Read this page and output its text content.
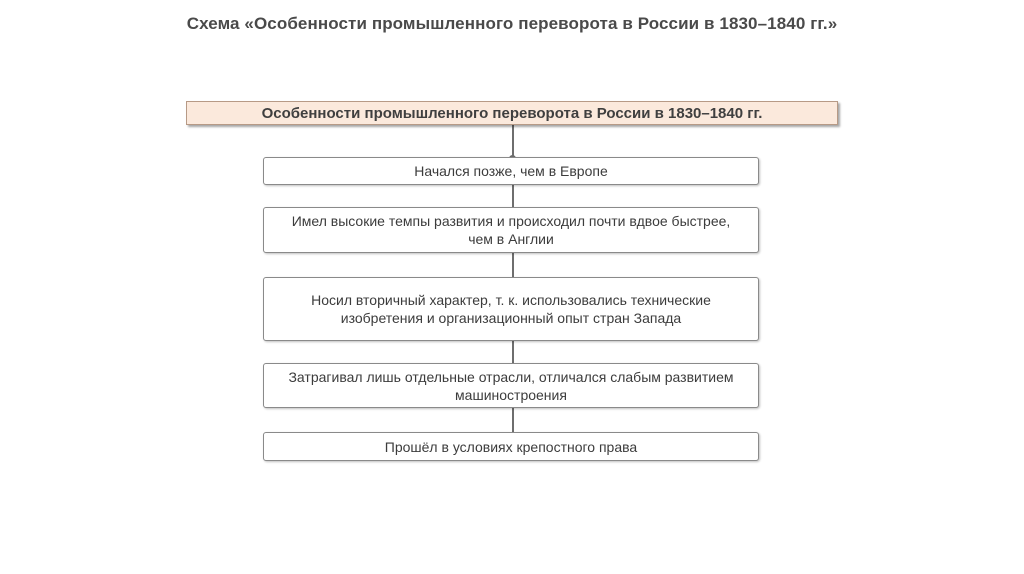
Схема «Особенности промышленного переворота в России в 1830–1840 гг.»
Особенности промышленного переворота в России в 1830–1840 гг.
Начался позже, чем в Европе
Имел высокие темпы развития и происходил почти вдвое быстрее, чем в Англии
Носил вторичный характер, т. к. использовались технические изобретения и организационный опыт стран Запада
Затрагивал лишь отдельные отрасли, отличался слабым развитием машиностроения
Прошёл в условиях крепостного права
